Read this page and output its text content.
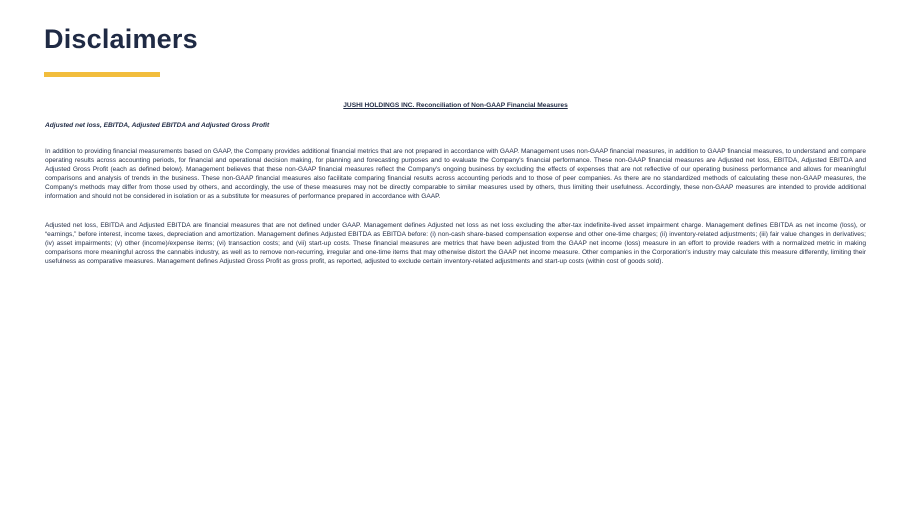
Disclaimers
JUSHI HOLDINGS INC. Reconciliation of Non-GAAP Financial Measures
Adjusted net loss, EBITDA, Adjusted EBITDA and Adjusted Gross Profit

In addition to providing financial measurements based on GAAP, the Company provides additional financial metrics that are not prepared in accordance with GAAP. Management uses non-GAAP financial measures, in addition to GAAP financial measures, to understand and compare operating results across accounting periods, for financial and operational decision making, for planning and forecasting purposes and to evaluate the Company's financial performance. These non-GAAP financial measures are Adjusted net loss, EBITDA, Adjusted EBITDA and Adjusted Gross Profit (each as defined below). Management believes that these non-GAAP financial measures reflect the Company's ongoing business by excluding the effects of expenses that are not reflective of our operating business performance and allows for meaningful comparisons and analysis of trends in the business. These non-GAAP financial measures also facilitate comparing financial results across accounting periods and to those of peer companies. As there are no standardized methods of calculating these non-GAAP measures, the Company's methods may differ from those used by others, and accordingly, the use of these measures may not be directly comparable to similar measures used by others, thus limiting their usefulness. Accordingly, these non-GAAP measures are intended to provide additional information and should not be considered in isolation or as a substitute for measures of performance prepared in accordance with GAAP.

Adjusted net loss, EBITDA and Adjusted EBITDA are financial measures that are not defined under GAAP. Management defines Adjusted net loss as net loss excluding the after-tax indefinite-lived asset impairment charge. Management defines EBITDA as net income (loss), or “earnings,” before interest, income taxes, depreciation and amortization. Management defines Adjusted EBITDA as EBITDA before: (i) non-cash share-based compensation expense and other one-time charges; (ii) inventory-related adjustments; (iii) fair value changes in derivatives; (iv) asset impairments; (v) other (income)/expense items; (vi) transaction costs; and (vii) start-up costs. These financial measures are metrics that have been adjusted from the GAAP net income (loss) measure in an effort to provide readers with a normalized metric in making comparisons more meaningful across the cannabis industry, as well as to remove non-recurring, irregular and one-time items that may otherwise distort the GAAP net income measure. Other companies in the Corporation's industry may calculate this measure differently, limiting their usefulness as comparative measures. Management defines Adjusted Gross Profit as gross profit, as reported, adjusted to exclude certain inventory-related adjustments and start-up costs (within cost of goods sold).
